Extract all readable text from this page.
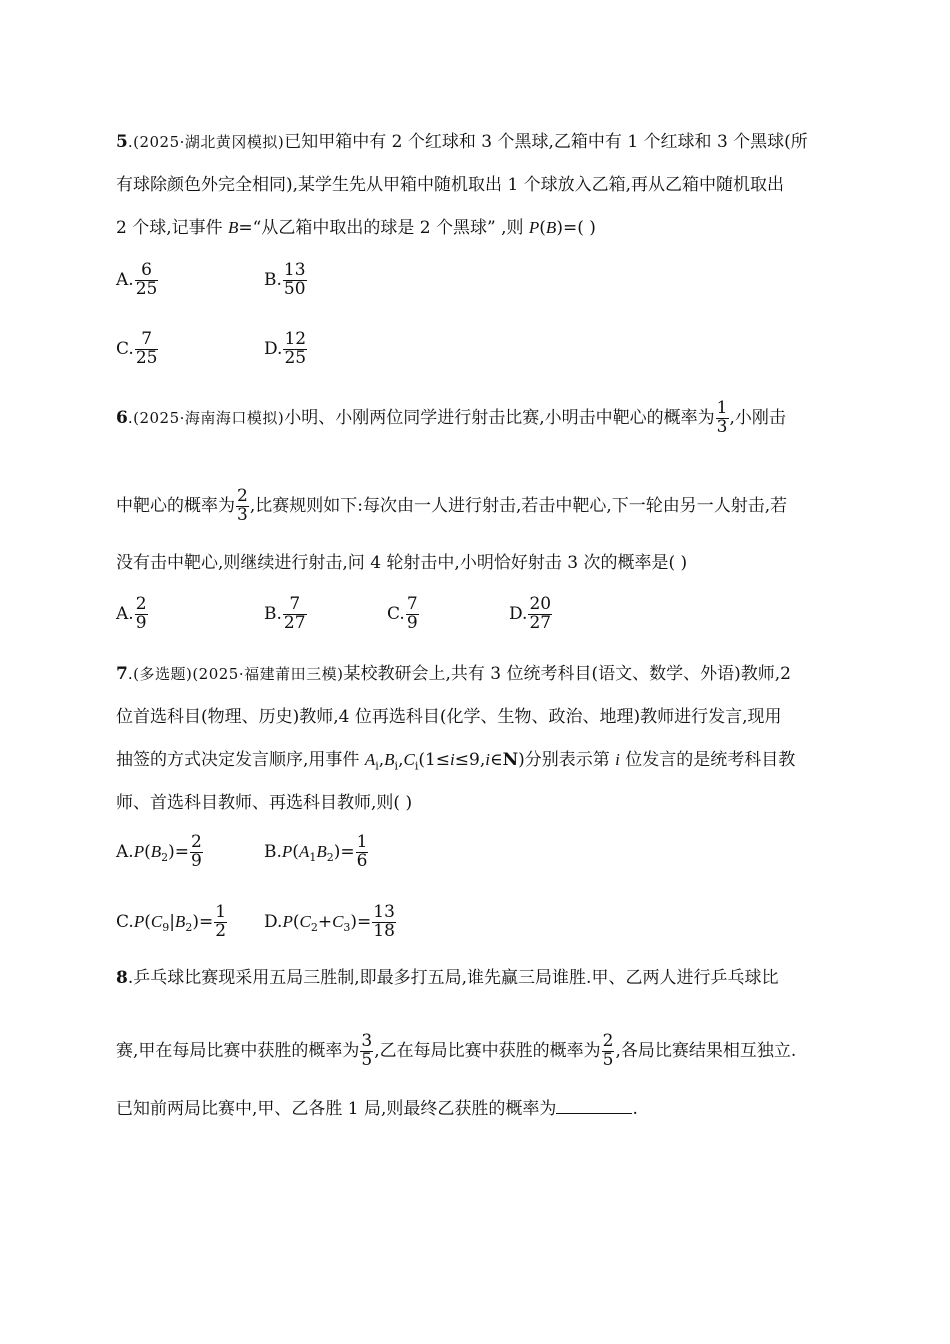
5.(2025·湖北黄冈模拟)已知甲箱中有 2 个红球和 3 个黑球,乙箱中有 1 个红球和 3 个黑球(所
有球除颜色外完全相同),某学生先从甲箱中随机取出 1 个球放入乙箱,再从乙箱中随机取出
2 个球,记事件 B=“从乙箱中取出的球是 2 个黑球” ,则 P(B)=( )
A. $\frac{6}{25}$	B. $\frac{13}{50}$
C. $\frac{7}{25}$	D. $\frac{12}{25}$
6.(2025·海南海口模拟)小明、小刚两位同学进行射击比赛,小明击中靶心的概率为 $\frac{1}{3}$ ,小刚击
中靶心的概率为 $\frac{2}{3}$ ,比赛规则如下:每次由一人进行射击,若击中靶心,下一轮由另一人射击,若
没有击中靶心,则继续进行射击,问 4 轮射击中,小明恰好射击 3 次的概率是( )
A. $\frac{2}{9}$	B. $\frac{7}{27}$	C. $\frac{7}{9}$	D. $\frac{20}{27}$
7.(多选题)(2025·福建莆田三模)某校教研会上,共有 3 位统考科目(语文、数学、外语)教师,2
位首选科目(物理、历史)教师,4 位再选科目(化学、生物、政治、地理)教师进行发言,现用
抽签的方式决定发言顺序,用事件 $A_i,B_i,C_i(1\le i\le 9,i\in N)$分别表示第 i 位发言的是统考科目教
师、首选科目教师、再选科目教师,则( )
$A.P(B_2)= \frac{2}{9}$	$B.P(A_1B_2)= \frac{1}{6}$
$C.P(C_9|B_2)= \frac{1}{2} D.P(C_2+C_3)= \frac{13}{18}$
8.乒乓球比赛现采用五局三胜制,即最多打五局,谁先赢三局谁胜.甲、乙两人进行乒乓球比
赛,甲在每局比赛中获胜的概率为 $\frac{3}{5}$ ,乙在每局比赛中获胜的概率为 $\frac{2}{5}$ ,各局比赛结果相互独立.
已知前两局比赛中,甲、乙各胜 1 局,则最终乙获胜的概率为	.
